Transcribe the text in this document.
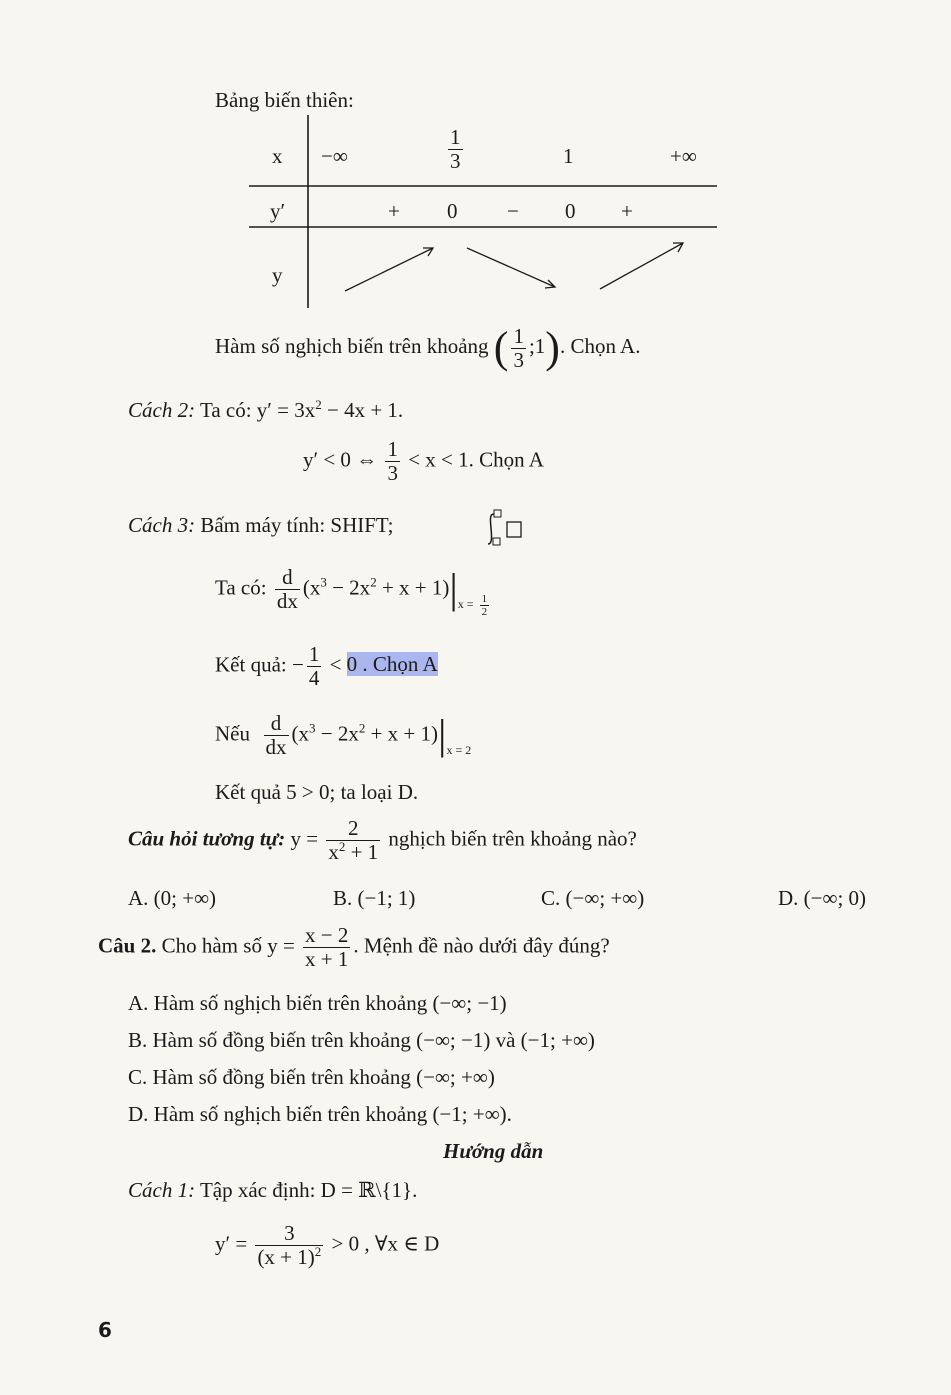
Bảng biến thiên:
x −∞	$\frac{1}{3}$	1	+∞
y′	+ 0 − 0 +
y
Hàm số nghịch biến trên khoảng ( $\frac{1}{3}$ ;1). Chọn A.
Cách 2: Ta có: $y' = 3x^2 - 4x + 1$.
y′ < 0 ⇔ $\frac{1}{3} < x < 1$. Chọn A
Cách 3: Bấm máy tính: SHIFT;
Ta có: $\frac{d}{dx} (x^3 - 2x^2 + x + 1)|_{x = \frac{1}{2}}$
Kết quả: − $\frac{1}{4} < 0$ . Chọn A
Nếu $\frac{d}{dx} (x^3 - 2x^2 + x + 1)|_{x = 2}$
Kết quả 5 > 0; ta loại D.
Câu hỏi tương tự: $y = \frac{2}{x^2 + 1}$ nghịch biến trên khoảng nào?
A. (0; +∞)	B. (−1; 1)	C. (−∞; +∞)	D. (−∞; 0)
Câu 2. Cho hàm số $y = \frac{x - 2}{x + 1}$ . Mệnh đề nào dưới đây đúng?
A. Hàm số nghịch biến trên khoảng (−∞; −1)
B. Hàm số đồng biến trên khoảng (−∞; −1) và (−1; +∞)
C. Hàm số đồng biến trên khoảng (−∞; +∞)
D. Hàm số nghịch biến trên khoảng (−1; +∞).
Hướng dẫn
Cách 1: Tập xác định: D = ℝ\{1}.
$y' = \frac{3}{(x + 1)^2} > 0$ , ∀x ∈ D
6
